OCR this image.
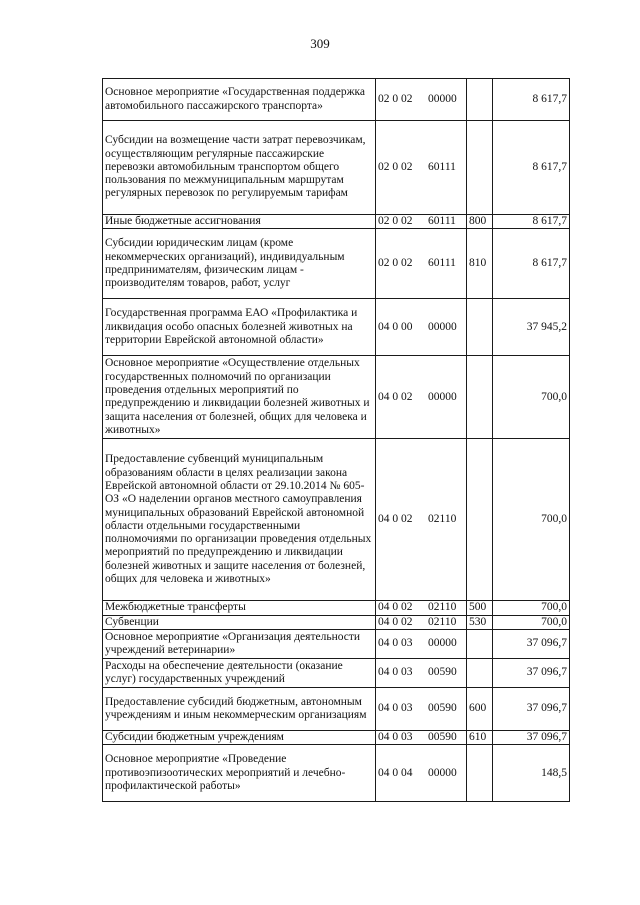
309
Основное мероприятие «Государственная поддержка автомобильного пассажирского транспорта»	02 0 02	00000		8 617,7
Субсидии на возмещение части затрат перевозчикам, осуществляющим регулярные пассажирские перевозки автомобильным транспортом общего пользования по межмуниципальным маршрутам регулярных перевозок по регулируемым тарифам	02 0 02	60111		8 617,7
Иные бюджетные ассигнования	02 0 02	60111	800	8 617,7
Субсидии юридическим лицам (кроме некоммерческих организаций), индивидуальным предпринимателям, физическим лицам - производителям товаров, работ, услуг	02 0 02	60111	810	8 617,7
Государственная программа ЕАО «Профилактика и ликвидация особо опасных болезней животных на территории Еврейской автономной области»	04 0 00	00000		37 945,2
Основное мероприятие «Осуществление отдельных государственных полномочий по организации проведения отдельных мероприятий по предупреждению и ликвидации болезней животных и защита населения от болезней, общих для человека и животных»	04 0 02	00000		700,0
Предоставление субвенций муниципальным образованиям области в целях реализации закона Еврейской автономной области от 29.10.2014 № 605-ОЗ «О наделении органов местного самоуправления муниципальных образований Еврейской автономной области отдельными государственными полномочиями по организации проведения отдельных мероприятий по предупреждению и ликвидации болезней животных и защите населения от болезней, общих для человека и животных»	04 0 02	02110		700,0
Межбюджетные трансферты	04 0 02	02110	500	700,0
Субвенции	04 0 02	02110	530	700,0
Основное мероприятие «Организация деятельности учреждений ветеринарии»	04 0 03	00000		37 096,7
Расходы на обеспечение деятельности (оказание услуг) государственных учреждений	04 0 03	00590		37 096,7
Предоставление субсидий бюджетным, автономным учреждениям и иным некоммерческим организациям	04 0 03	00590	600	37 096,7
Субсидии бюджетным учреждениям	04 0 03	00590	610	37 096,7
Основное мероприятие «Проведение противоэпизоотических мероприятий и лечебно-профилактической работы»	04 0 04	00000		148,5
